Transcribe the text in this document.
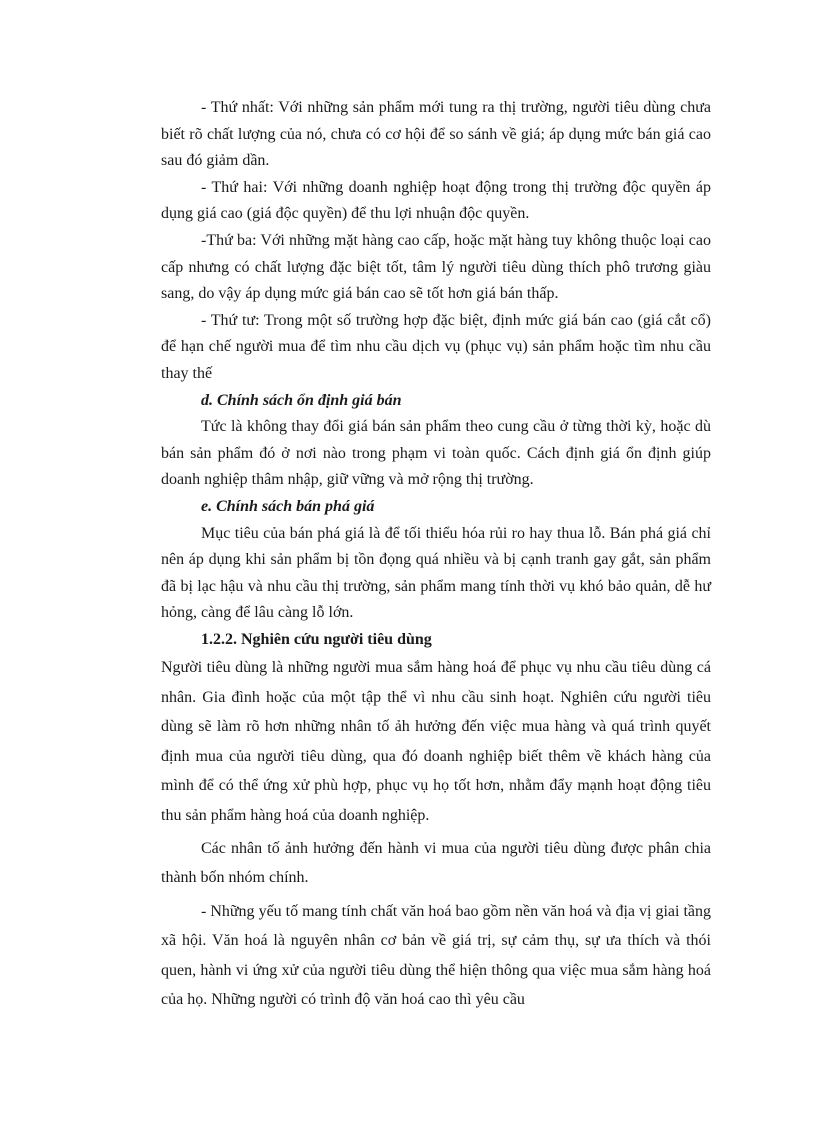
- Thứ nhất: Với những sản phẩm mới tung ra thị trường, người tiêu dùng chưa biết rõ chất lượng của nó, chưa có cơ hội để so sánh về giá; áp dụng mức bán giá cao sau đó giảm dần.

- Thứ hai: Với những doanh nghiệp hoạt động trong thị trường độc quyền áp dụng giá cao (giá độc quyền) để thu lợi nhuận độc quyền.

-Thứ ba: Với những mặt hàng cao cấp, hoặc mặt hàng tuy không thuộc loại cao cấp nhưng có chất lượng đặc biệt tốt, tâm lý người tiêu dùng thích phô trương giàu sang, do vậy áp dụng mức giá bán cao sẽ tốt hơn giá bán thấp.

- Thứ tư: Trong một số trường hợp đặc biệt, định mức giá bán cao (giá cắt cổ) để hạn chế người mua để tìm nhu cầu dịch vụ (phục vụ) sản phẩm hoặc tìm nhu cầu thay thế

d. Chính sách ổn định giá bán

Tức là không thay đổi giá bán sản phẩm theo cung cầu ở từng thời kỳ, hoặc dù bán sản phẩm đó ở nơi nào trong phạm vi toàn quốc. Cách định giá ổn định giúp doanh nghiệp thâm nhập, giữ vững và mở rộng thị trường.

e. Chính sách bán phá giá

Mục tiêu của bán phá giá là để tối thiểu hóa rủi ro hay thua lỗ. Bán phá giá chỉ nên áp dụng khi sản phẩm bị tồn đọng quá nhiều và bị cạnh tranh gay gắt, sản phẩm đã bị lạc hậu và nhu cầu thị trường, sản phẩm mang tính thời vụ khó bảo quản, dễ hư hỏng, càng để lâu càng lỗ lớn.

1.2.2. Nghiên cứu người tiêu dùng

Người tiêu dùng là những người mua sắm hàng hoá để phục vụ nhu cầu tiêu dùng cá nhân. Gia đình hoặc của một tập thể vì nhu cầu sinh hoạt. Nghiên cứu người tiêu dùng sẽ làm rõ hơn những nhân tố ảh hưởng đến việc mua hàng và quá trình quyết định mua của người tiêu dùng, qua đó doanh nghiệp biết thêm về khách hàng của mình để có thể ứng xử phù hợp, phục vụ họ tốt hơn, nhằm đẩy mạnh hoạt động tiêu thu sản phẩm hàng hoá của doanh nghiệp.

Các nhân tố ảnh hưởng đến hành vi mua của người tiêu dùng được phân chia thành bốn nhóm chính.

- Những yếu tố mang tính chất văn hoá bao gồm nền văn hoá và địa vị giai tầng xã hội. Văn hoá là nguyên nhân cơ bản về giá trị, sự cảm thụ, sự ưa thích và thói quen, hành vi ứng xử của người tiêu dùng thể hiện thông qua việc mua sắm hàng hoá của họ. Những người có trình độ văn hoá cao thì yêu cầu
